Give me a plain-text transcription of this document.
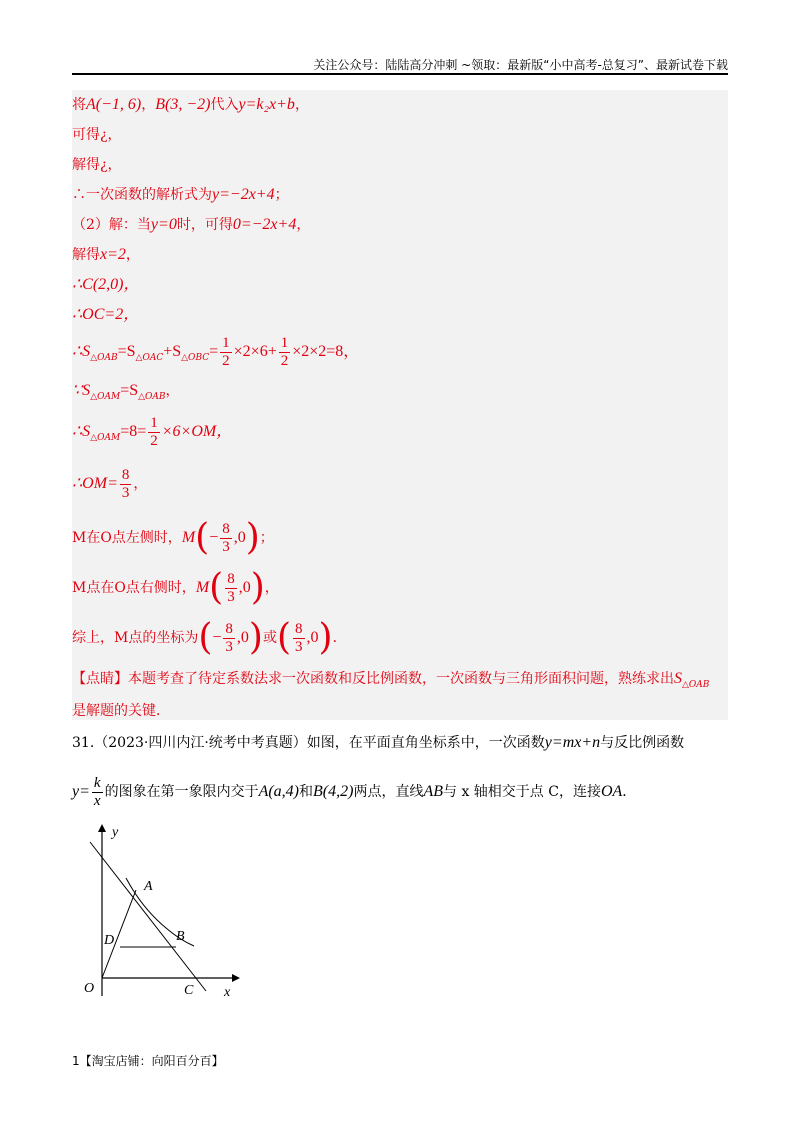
关注公众号：陆陆高分冲刺 ~领取：最新版“小中高考-总复习”、最新试卷下载
将A(−1, 6)，B(3, −2)代入y=k₂x+b，
可得¿，
解得¿，
∴一次函数的解析式为y=−2x+4；
（2）解：当y=0时，可得0=−2x+4，
解得x=2，
∴C(2,0)，
∴OC=2，
$\therefore S_{\triangle OAB}=S_{\triangle OAC}+S_{\triangle OBC}= \frac{1}{2} \times 2\times 6+ \frac{1}{2} \times 2\times 2=8$，
$\because S_{\triangle OAM}=S_{\triangle OAB}$，
$\therefore S_{\triangle OAM}=8= \frac{1}{2} \times 6\times OM$，
∴OM= $\frac{8}{3}$ ，
M在O点左侧时，$M(- \frac{8}{3} ,0)$；
M点在O点右侧时，$M( \frac{8}{3} ,0)$，
综上，M点的坐标为(− $\frac{8}{3} ,0$)或( $\frac{8}{3} ,0$)．
【点睛】本题考查了待定系数法求一次函数和反比例函数，一次函数与三角形面积问题，熟练求出$S_{\triangle OAB}$
是解题的关键．
31.（2023·四川内江·统考中考真题）如图，在平面直角坐标系中，一次函数y=mx+n与反比例函数
$y= \frac{k}{x}$ 的图象在第一象限内交于A(a,4)和B(4,2)两点，直线AB与 x 轴相交于点 C，连接OA．
y
x
O
A
B
C
D
1【淘宝店铺：向阳百分百】
